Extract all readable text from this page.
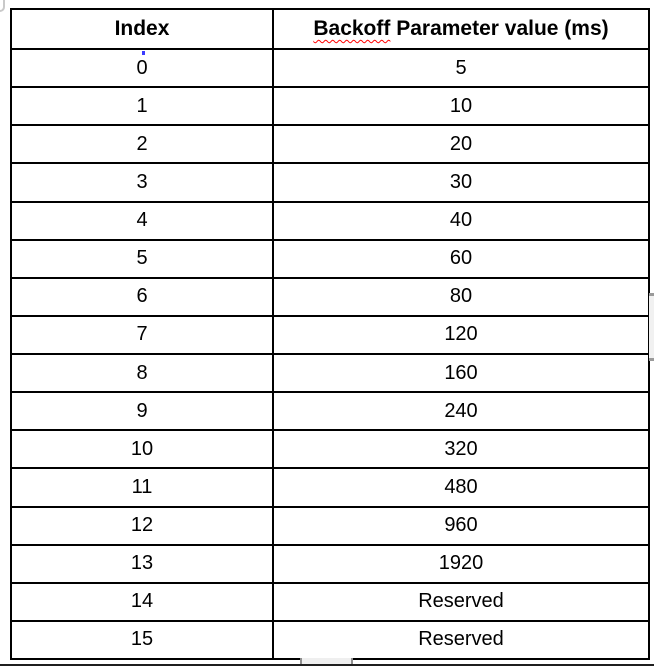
Index	Backoff Parameter value (ms)
0	5
1	10
2	20
3	30
4	40
5	60
6	80
7	120
8	160
9	240
10	320
11	480
12	960
13	1920
14	Reserved
15	Reserved
